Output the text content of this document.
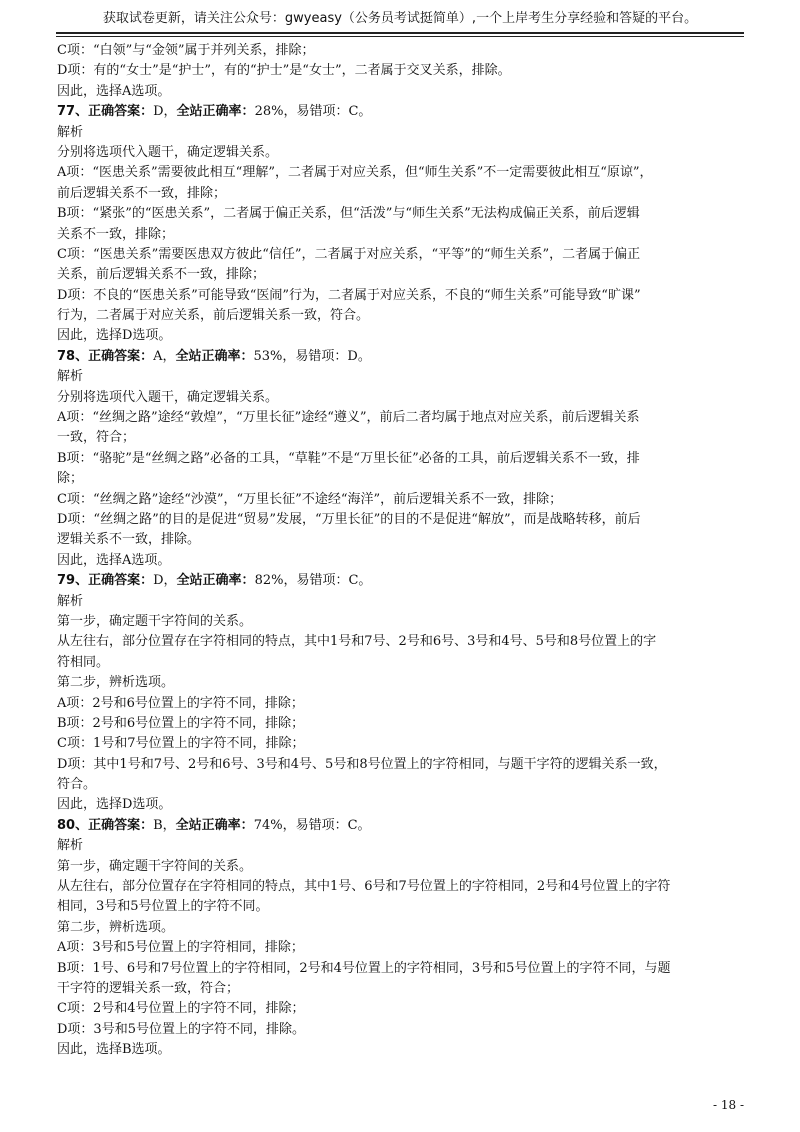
获取试卷更新，请关注公众号：gwyeasy（公务员考试挺简单）,一个上岸考生分享经验和答疑的平台。
C项：“白领”与“金领”属于并列关系，排除；
D项：有的“女士”是“护士”，有的“护士”是“女士”，二者属于交叉关系，排除。
因此，选择A选项。
77、正确答案：D，全站正确率：28%，易错项：C。
解析
分别将选项代入题干，确定逻辑关系。
A项：“医患关系”需要彼此相互“理解”，二者属于对应关系，但“师生关系”不一定需要彼此相互“原谅”，
前后逻辑关系不一致，排除；
B项：“紧张”的“医患关系”，二者属于偏正关系，但“活泼”与“师生关系”无法构成偏正关系，前后逻辑
关系不一致，排除；
C项：“医患关系”需要医患双方彼此“信任”，二者属于对应关系，“平等”的“师生关系”，二者属于偏正
关系，前后逻辑关系不一致，排除；
D项：不良的“医患关系”可能导致“医闹”行为，二者属于对应关系，不良的“师生关系”可能导致“旷课”
行为，二者属于对应关系，前后逻辑关系一致，符合。
因此，选择D选项。
78、正确答案：A，全站正确率：53%，易错项：D。
解析
分别将选项代入题干，确定逻辑关系。
A项：“丝绸之路”途经“敦煌”，“万里长征”途经“遵义”，前后二者均属于地点对应关系，前后逻辑关系
一致，符合；
B项：“骆驼”是“丝绸之路”必备的工具，“草鞋”不是“万里长征”必备的工具，前后逻辑关系不一致，排
除；
C项：“丝绸之路”途经“沙漠”，“万里长征”不途经“海洋”，前后逻辑关系不一致，排除；
D项：“丝绸之路”的目的是促进“贸易”发展，“万里长征”的目的不是促进“解放”，而是战略转移，前后
逻辑关系不一致，排除。
因此，选择A选项。
79、正确答案：D，全站正确率：82%，易错项：C。
解析
第一步，确定题干字符间的关系。
从左往右，部分位置存在字符相同的特点，其中1号和7号、2号和6号、3号和4号、5号和8号位置上的字
符相同。
第二步，辨析选项。
A项：2号和6号位置上的字符不同，排除；
B项：2号和6号位置上的字符不同，排除；
C项：1号和7号位置上的字符不同，排除；
D项：其中1号和7号、2号和6号、3号和4号、5号和8号位置上的字符相同，与题干字符的逻辑关系一致，
符合。
因此，选择D选项。
80、正确答案：B，全站正确率：74%，易错项：C。
解析
第一步，确定题干字符间的关系。
从左往右，部分位置存在字符相同的特点，其中1号、6号和7号位置上的字符相同，2号和4号位置上的字符
相同，3号和5号位置上的字符不同。
第二步，辨析选项。
A项：3号和5号位置上的字符相同，排除；
B项：1号、6号和7号位置上的字符相同，2号和4号位置上的字符相同，3号和5号位置上的字符不同，与题
干字符的逻辑关系一致，符合；
C项：2号和4号位置上的字符不同，排除；
D项：3号和5号位置上的字符不同，排除。
因此，选择B选项。
- 18 -
